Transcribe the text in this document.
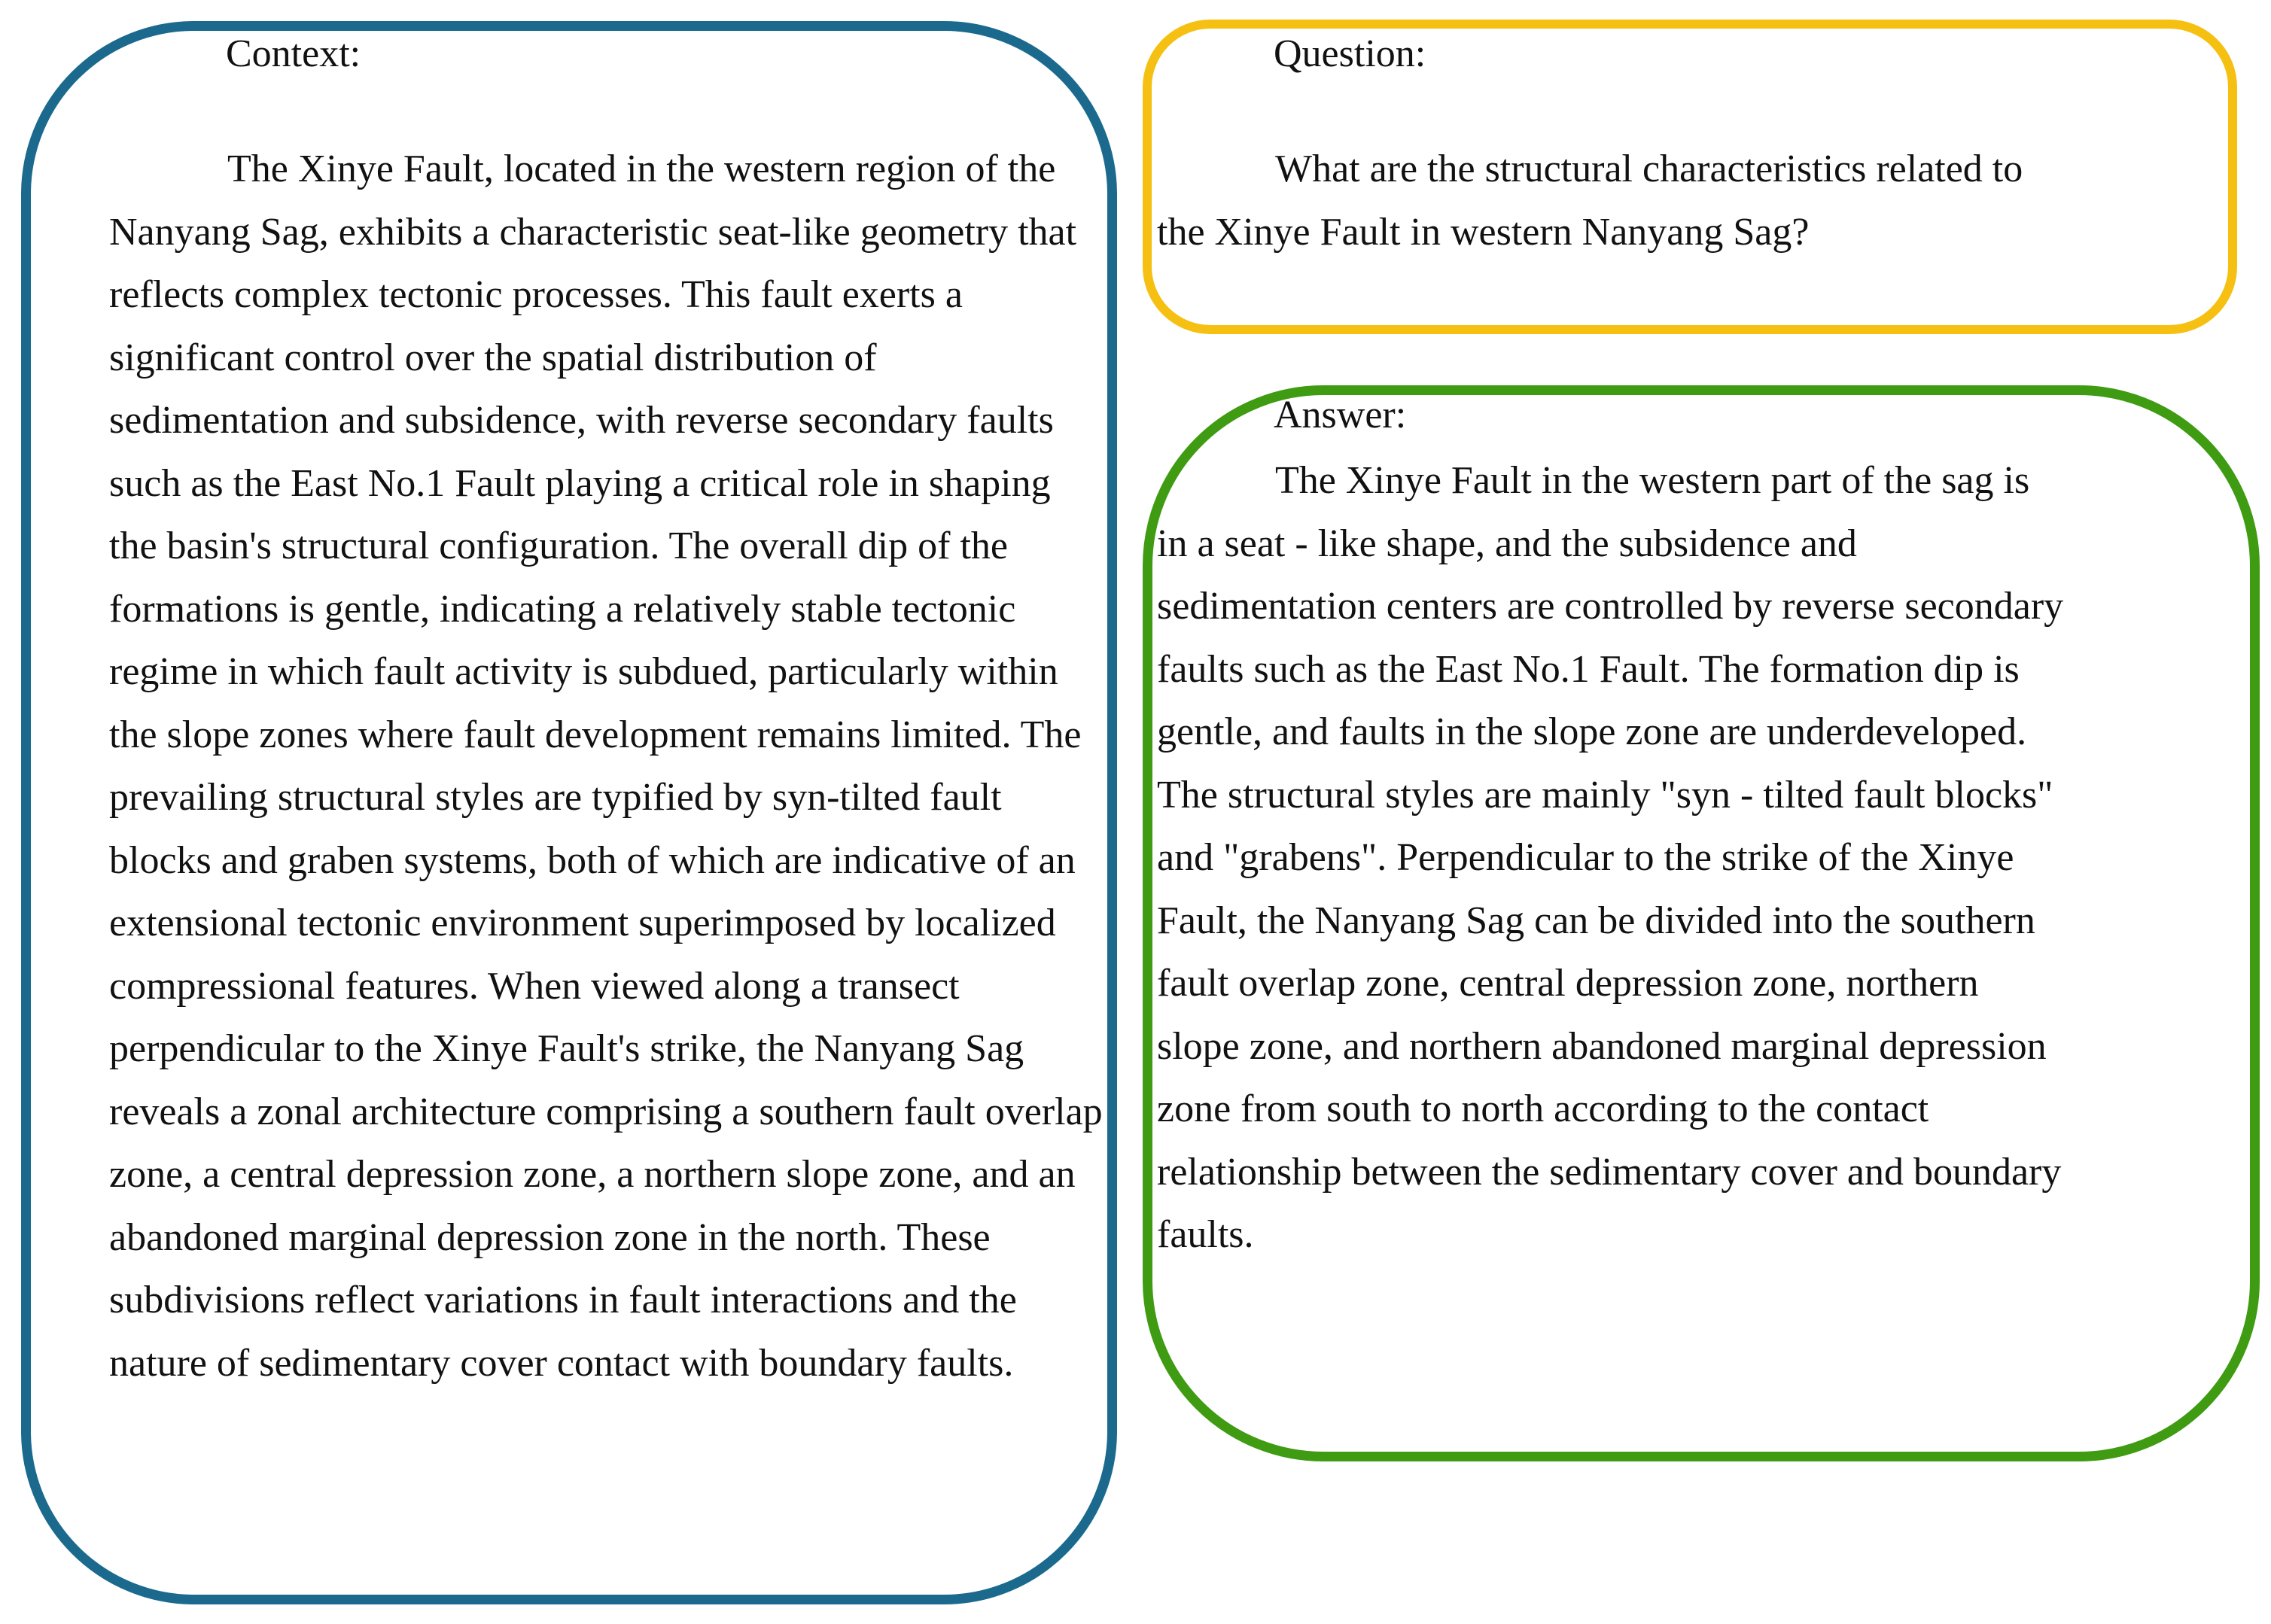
Context:

The Xinye Fault, located in the western region of the Nanyang Sag, exhibits a characteristic seat-like geometry that reflects complex tectonic processes. This fault exerts a significant control over the spatial distribution of sedimentation and subsidence, with reverse secondary faults such as the East No.1 Fault playing a critical role in shaping the basin's structural configuration. The overall dip of the formations is gentle, indicating a relatively stable tectonic regime in which fault activity is subdued, particularly within the slope zones where fault development remains limited. The prevailing structural styles are typified by syn-tilted fault blocks and graben systems, both of which are indicative of an extensional tectonic environment superimposed by localized compressional features. When viewed along a transect perpendicular to the Xinye Fault's strike, the Nanyang Sag reveals a zonal architecture comprising a southern fault overlap zone, a central depression zone, a northern slope zone, and an abandoned marginal depression zone in the north. These subdivisions reflect variations in fault interactions and the nature of sedimentary cover contact with boundary faults.

Question:

What are the structural characteristics related to the Xinye Fault in western Nanyang Sag?

Answer:

The Xinye Fault in the western part of the sag is in a seat - like shape, and the subsidence and sedimentation centers are controlled by reverse secondary faults such as the East No.1 Fault. The formation dip is gentle, and faults in the slope zone are underdeveloped. The structural styles are mainly "syn - tilted fault blocks" and "grabens". Perpendicular to the strike of the Xinye Fault, the Nanyang Sag can be divided into the southern fault overlap zone, central depression zone, northern slope zone, and northern abandoned marginal depression zone from south to north according to the contact relationship between the sedimentary cover and boundary faults.
